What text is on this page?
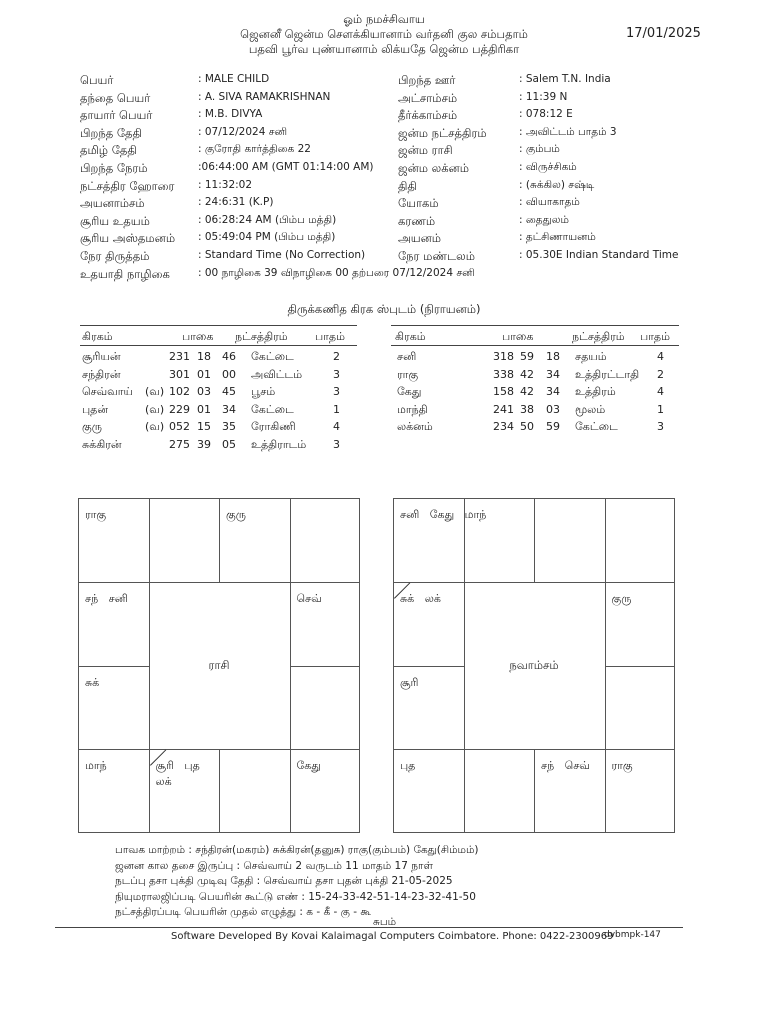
ஓம் நமச்சிவாய
ஜெனனீ ஜென்ம சௌக்கியானாம் வர்தனி குல சம்பதாம்
பதவி பூர்வ புண்யானாம் லிக்யதே ஜென்ம பத்திரிகா
17/01/2025
பெயர்	: MALE CHILD
தந்தை பெயர்	: A. SIVA RAMAKRISHNAN
தாயார் பெயர்	: M.B. DIVYA
பிறந்த தேதி	: 07/12/2024 சனி
தமிழ் தேதி	: குரோதி கார்த்திகை 22
பிறந்த நேரம்	:06:44:00 AM (GMT 01:14:00 AM)
நட்சத்திர ஹோரை : 11:32:02
அயனாம்சம்	: 24:6:31 (K.P)
சூரிய உதயம்	: 06:28:24 AM (பிம்ப மத்தி)
சூரிய அஸ்தமனம் : 05:49:04 PM (பிம்ப மத்தி)
நேர திருத்தம்	: Standard Time (No Correction)
உதயாதி நாழிகை	: 00 நாழிகை 39 விநாழிகை 00 தற்பரை 07/12/2024 சனி
பிறந்த ஊர்	: Salem T.N. India
அட்சாம்சம்	: 11:39 N
தீர்க்காம்சம்	: 078:12 E
ஜன்ம நட்சத்திரம்	: அவிட்டம் பாதம் 3
ஜன்ம ராசி	: கும்பம்
ஜன்ம லக்னம்	: விருச்சிகம்
திதி	: (சுக்கில) சஷ்டி
யோகம்	: வியாகாதம்
கரணம்	: தைதுலம்
அயனம்	: தட்சிணாயனம்
நேர மண்டலம்	: 05.30E Indian Standard Time
திருக்கணித கிரக ஸ்புடம் (நிராயனம்)
கிரகம்	பாகை நட்சத்திரம் பாதம்	கிரகம்	பாகை	நட்சத்திரம் பாதம்
சூரியன்	231 18 46 கேட்டை	2
சந்திரன்	301 01 00 அவிட்டம்	3
செவ்வாய் (வ) 102 03 45 பூசம்	3
புதன்	(வ) 229 01 34 கேட்டை	1
குரு	(வ) 052 15 35 ரோகிணி	4
சுக்கிரன்	275 39 05 உத்திராடம் 3
சனி	318 59 18 சதயம்	4
ராகு	338 42 34 உத்திரட்டாதி 2
கேது	158 42 34 உத்திரம்	4
மாந்தி	241 38 03 மூலம்	1
லக்னம்	234 50 59 கேட்டை	3
ராகு	குரு
சந்   சனி	செவ்
சுக்
மாந்	சூரி   புத
லக்
கேது
ராசி
சனி   கேது   மாந்
சுக்   லக்	குரு
சூரி
புத	சந்   செவ் ராகு
நவாம்சம்
பாவக மாற்றம் : சந்திரன்(மகரம்) சுக்கிரன்(தனுசு) ராகு(கும்பம்) கேது(சிம்மம்)
ஜனன கால தசை இருப்பு : செவ்வாய் 2 வருடம் 11 மாதம் 17 நாள்
நடப்பு தசா புக்தி முடிவு தேதி : செவ்வாய் தசா புதன் புக்தி 21-05-2025
நியுமராலஜிப்படி பெயரின் கூட்டு எண் : 15-24-33-42-51-14-23-32-41-50
நட்சத்திரப்படி பெயரின் முதல் எழுத்து : க - கீ - கு - கூ
சுபம்
Software Developed By Kovai Kalaimagal Computers Coimbatore. Phone: 0422-2300969
dvbmpk-147
